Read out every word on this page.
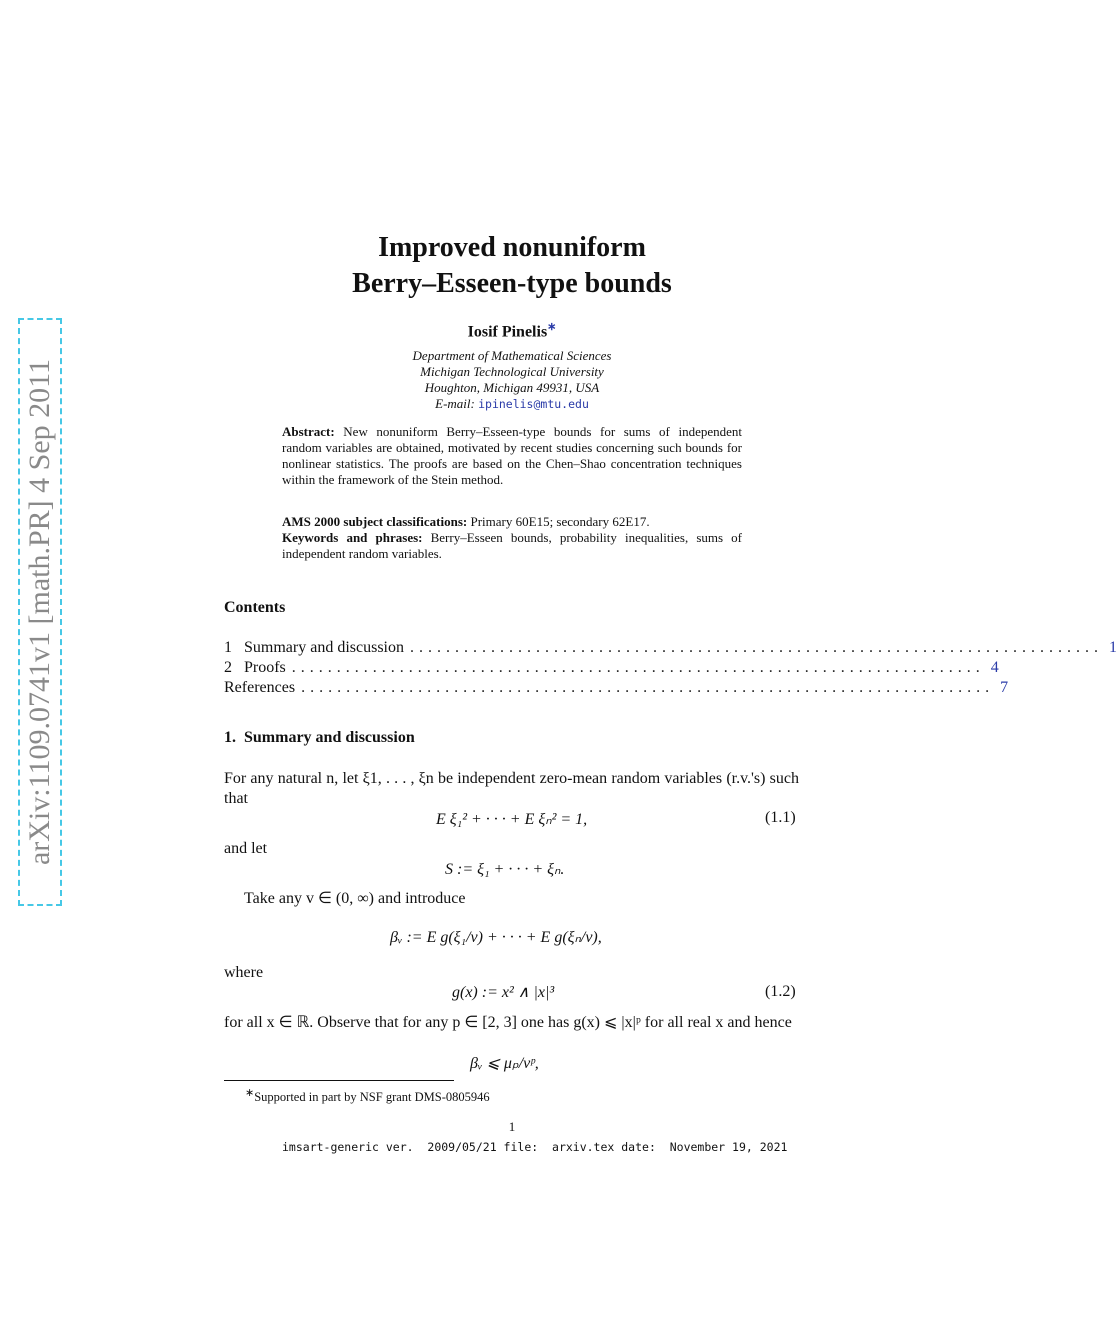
arXiv:1109.0741v1 [math.PR] 4 Sep 2011
Improved nonuniform
Berry–Esseen-type bounds
Iosif Pinelis∗
Department of Mathematical Sciences
Michigan Technological University
Houghton, Michigan 49931, USA
E-mail: ipinelis@mtu.edu
Abstract: New nonuniform Berry–Esseen-type bounds for sums of independent random variables are obtained, motivated by recent studies concerning such bounds for nonlinear statistics. The proofs are based on the Chen–Shao concentration techniques within the framework of the Stein method.
AMS 2000 subject classifications: Primary 60E15; secondary 62E17.
Keywords and phrases: Berry–Esseen bounds, probability inequalities, sums of independent random variables.
Contents
1   Summary and discussion ............................................................................. 1
2   Proofs ............................................................................. 4
References ............................................................................. 7
1.  Summary and discussion
For any natural n, let ξ1, . . . , ξn be independent zero-mean random variables (r.v.'s) such that
E ξ₁² + · · · + E ξₙ² = 1,	(1.1)
and let
S := ξ₁ + · · · + ξₙ.
Take any v ∈ (0, ∞) and introduce
βᵥ := E g(ξ₁/v) + · · · + E g(ξₙ/v),
where
g(x) := x² ∧ |x|³	(1.2)
for all x ∈ ℝ. Observe that for any p ∈ [2, 3] one has g(x) ⩽ |x|ᵖ for all real x and hence
βᵥ ⩽ μₚ/vᵖ,
∗Supported in part by NSF grant DMS-0805946
1
imsart-generic ver.  2009/05/21 file:  arxiv.tex date:  November 19, 2021
